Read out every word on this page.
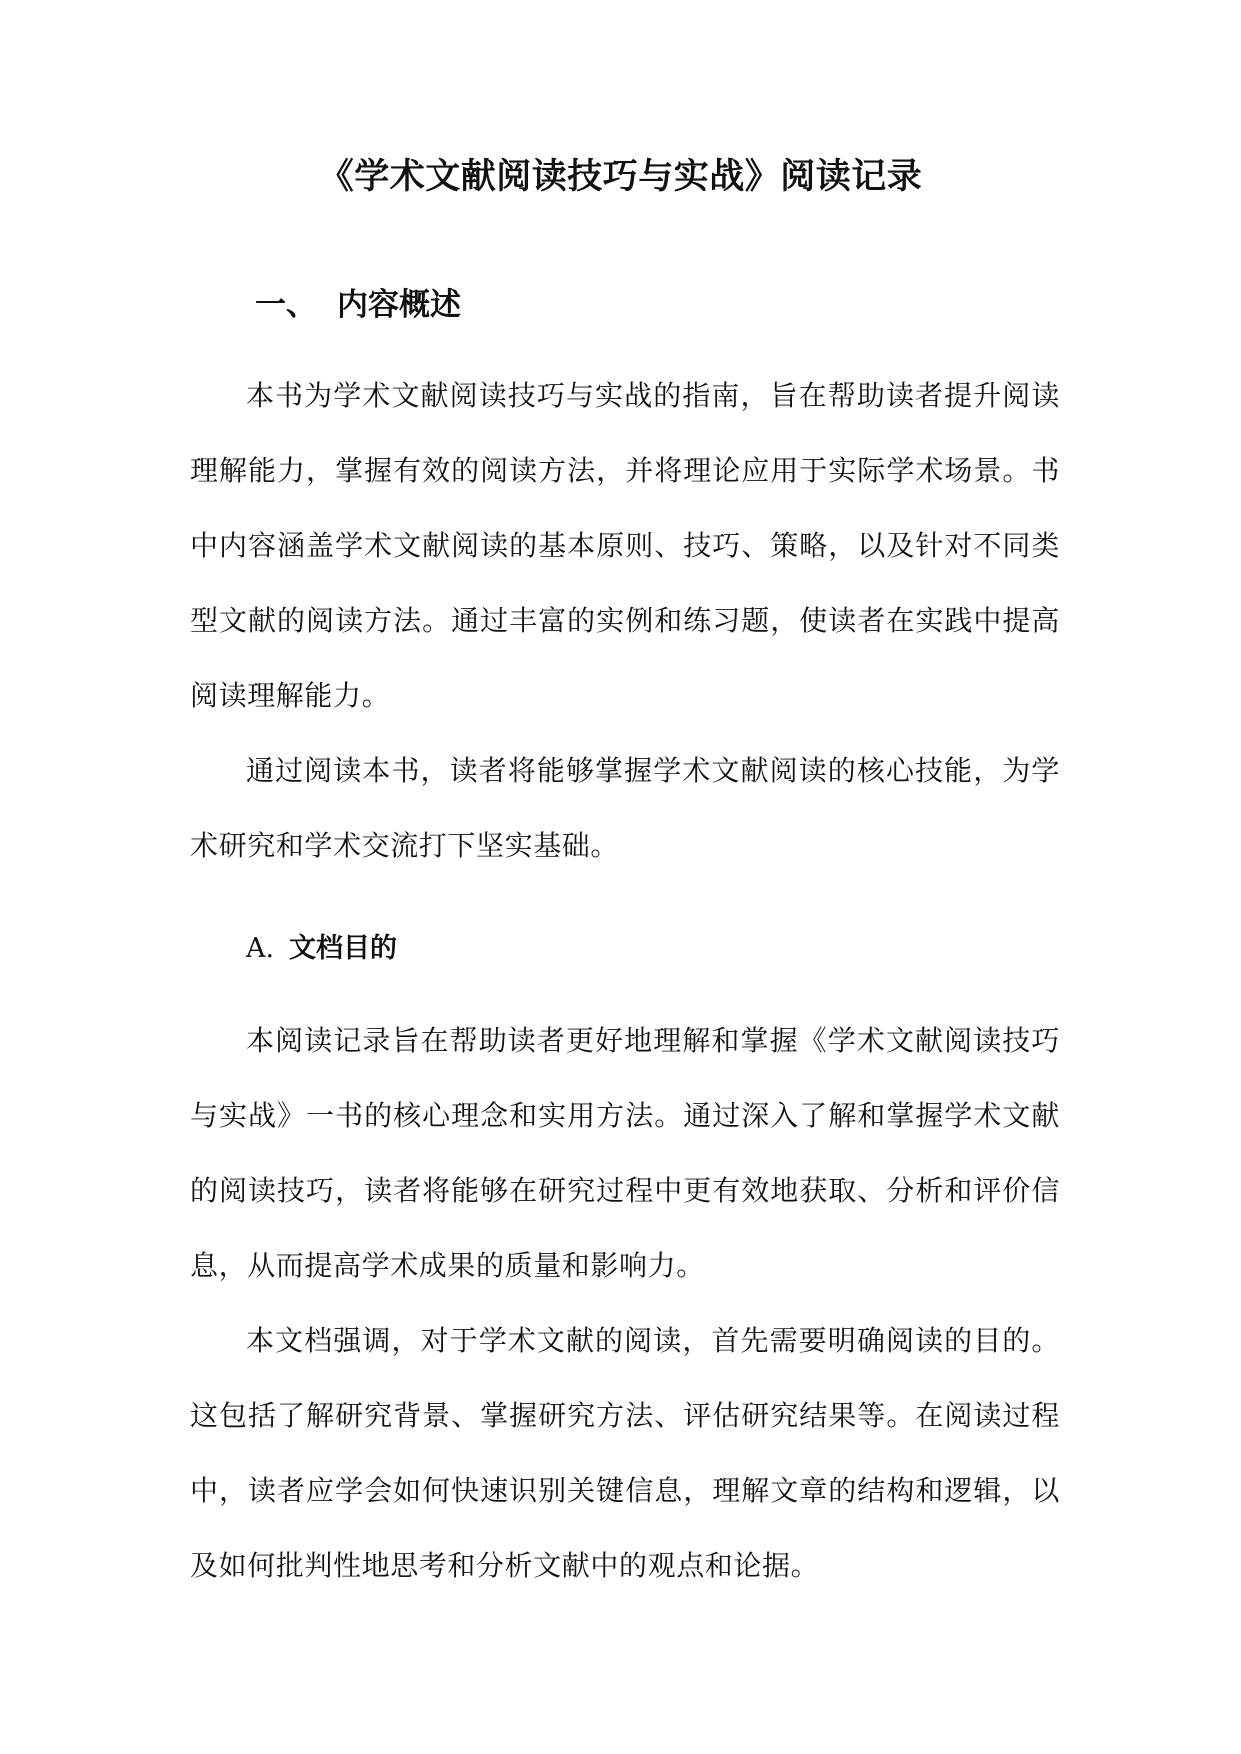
《学术文献阅读技巧与实战》阅读记录
一、 内容概述

本书为学术文献阅读技巧与实战的指南，旨在帮助读者提升阅读理解能力，掌握有效的阅读方法，并将理论应用于实际学术场景。书中内容涵盖学术文献阅读的基本原则、技巧、策略，以及针对不同类型文献的阅读方法。通过丰富的实例和练习题，使读者在实践中提高阅读理解能力。

通过阅读本书，读者将能够掌握学术文献阅读的核心技能，为学术研究和学术交流打下坚实基础。

A. 文档目的

本阅读记录旨在帮助读者更好地理解和掌握《学术文献阅读技巧与实战》一书的核心理念和实用方法。通过深入了解和掌握学术文献的阅读技巧，读者将能够在研究过程中更有效地获取、分析和评价信息，从而提高学术成果的质量和影响力。

本文档强调，对于学术文献的阅读，首先需要明确阅读的目的。这包括了解研究背景、掌握研究方法、评估研究结果等。在阅读过程中，读者应学会如何快速识别关键信息，理解文章的结构和逻辑，以及如何批判性地思考和分析文献中的观点和论据。
